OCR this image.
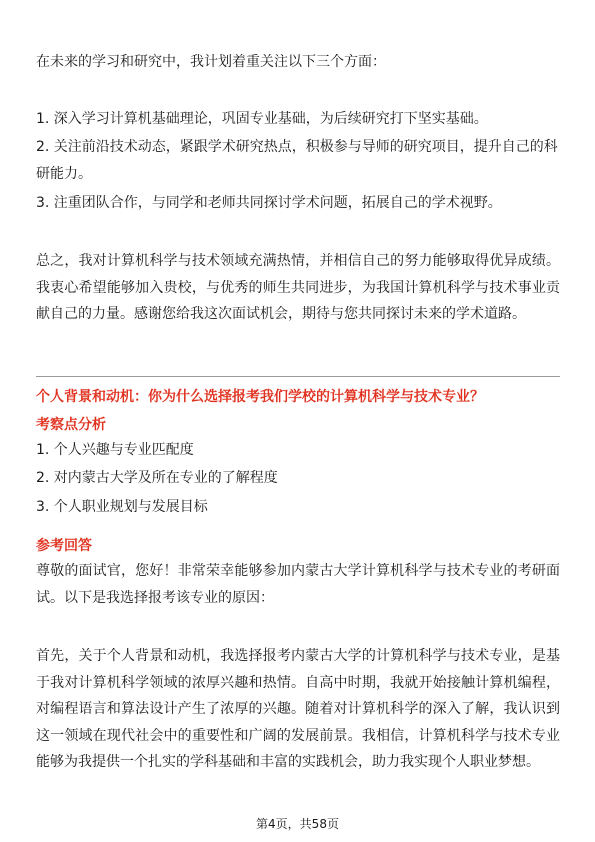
在未来的学习和研究中，我计划着重关注以下三个方面：

1. 深入学习计算机基础理论，巩固专业基础，为后续研究打下坚实基础。

2. 关注前沿技术动态，紧跟学术研究热点，积极参与导师的研究项目，提升自己的科研能力。

3. 注重团队合作，与同学和老师共同探讨学术问题，拓展自己的学术视野。

总之，我对计算机科学与技术领域充满热情，并相信自己的努力能够取得优异成绩。我衷心希望能够加入贵校，与优秀的师生共同进步，为我国计算机科学与技术事业贡献自己的力量。感谢您给我这次面试机会，期待与您共同探讨未来的学术道路。

个人背景和动机：你为什么选择报考我们学校的计算机科学与技术专业？

考察点分析

1. 个人兴趣与专业匹配度

2. 对内蒙古大学及所在专业的了解程度

3. 个人职业规划与发展目标

参考回答

尊敬的面试官，您好！非常荣幸能够参加内蒙古大学计算机科学与技术专业的考研面试。以下是我选择报考该专业的原因：

首先，关于个人背景和动机，我选择报考内蒙古大学的计算机科学与技术专业，是基于我对计算机科学领域的浓厚兴趣和热情。自高中时期，我就开始接触计算机编程，对编程语言和算法设计产生了浓厚的兴趣。随着对计算机科学的深入了解，我认识到这一领域在现代社会中的重要性和广阔的发展前景。我相信，计算机科学与技术专业能够为我提供一个扎实的学科基础和丰富的实践机会，助力我实现个人职业梦想。

第4页，共58页
